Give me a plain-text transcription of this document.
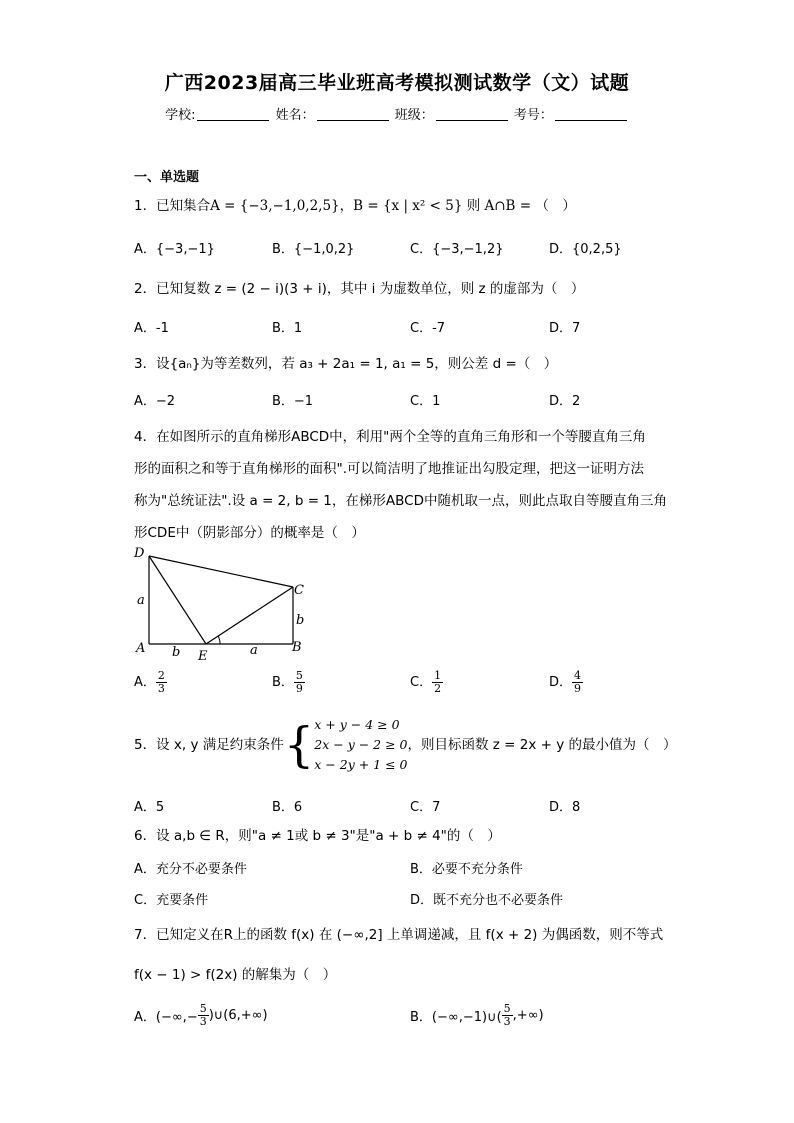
广西2023届高三毕业班高考模拟测试数学（文）试题
学校:	姓名：	班级：	考号：
一、单选题
1．已知集合A = {−3,−1,0,2,5}，B = {x | x² < 5} 则 A∩B = （　）
A．{−3,−1}	B．{−1,0,2}	C．{−3,−1,2}	D．{0,2,5}
2．已知复数 z = (2 − i)(3 + i)，其中 i 为虚数单位，则 z 的虚部为（　）
A．-1	B．1	C．-7	D．7
3．设{aₙ}为等差数列，若 a₃ + 2a₁ = 1, a₁ = 5，则公差 d =（　）
A．−2	B．−1	C．1	D．2
4．在如图所示的直角梯形ABCD中，利用"两个全等的直角三角形和一个等腰直角三角
形的面积之和等于直角梯形的面积".可以简洁明了地推证出勾股定理，把这一证明方法
称为"总统证法".设 a = 2, b = 1，在梯形ABCD中随机取一点，则此点取自等腰直角三角
形CDE中（阴影部分）的概率是（　）
D
C
A
E
B
a
b
b	a
A． $\frac{2}{3}$	B． $\frac{5}{9}$	C． $\frac{1}{2}$	D． $\frac{4}{9}$
5．设 x, y 满足约束条件{ x + y − 4 ≥ 0
2x − y − 2 ≥ 0
x − 2y + 1 ≤ 0
，则目标函数 z = 2x + y 的最小值为（　）
A．5	B．6	C．7	D．8
6．设 a,b ∈ R，则"a ≠ 1或 b ≠ 3"是"a + b ≠ 4"的（　）
A．充分不必要条件	B．必要不充分条件
C．充要条件	D．既不充分也不必要条件
7．已知定义在R上的函数 f(x) 在 (−∞,2] 上单调递减，且 f(x + 2) 为偶函数，则不等式
f(x − 1) > f(2x) 的解集为（　）
A．(−∞,− $\frac{5}{3}$ )∪(6,+∞)	B．(−∞,−1)∪( $\frac{5}{3}$ ,+∞)
